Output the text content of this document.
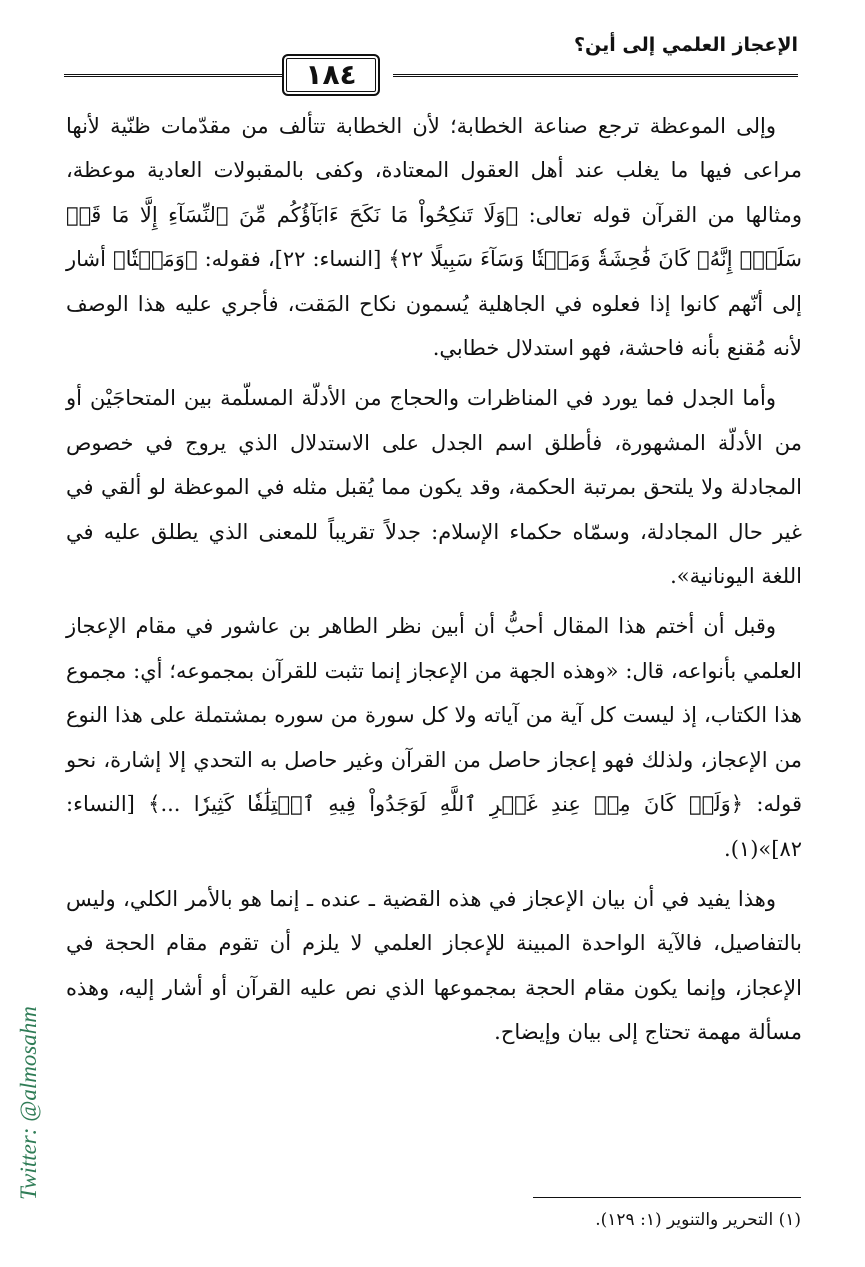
الإعجاز العلمي إلى أين؟
١٨٤

وإلى الموعظة ترجع صناعة الخطابة؛ لأن الخطابة تتألف من مقدّمات ظنّية لأنها مراعى فيها ما يغلب عند أهل العقول المعتادة، وكفى بالمقبولات العادية موعظة، ومثالها من القرآن قوله تعالى: ﴿وَلَا تَنكِحُواْ مَا نَكَحَ ءَابَآؤُكُم مِّنَ ٱلنِّسَآءِ إِلَّا مَا قَدۡ سَلَفَۚ إِنَّهُۥ كَانَ فَٰحِشَةٗ وَمَقۡتٗا وَسَآءَ سَبِيلًا ٢٢﴾ [النساء: ٢٢]، فقوله: ﴿وَمَقۡتٗا﴾ أشار إلى أنّهم كانوا إذا فعلوه في الجاهلية يُسمون نكاح المَقت، فأجري عليه هذا الوصف لأنه مُقنع بأنه فاحشة، فهو استدلال خطابي.

وأما الجدل فما يورد في المناظرات والحجاج من الأدلّة المسلّمة بين المتحاجَيْن أو من الأدلّة المشهورة، فأطلق اسم الجدل على الاستدلال الذي يروج في خصوص المجادلة ولا يلتحق بمرتبة الحكمة، وقد يكون مما يُقبل مثله في الموعظة لو ألقي في غير حال المجادلة، وسمّاه حكماء الإسلام: جدلاً تقريباً للمعنى الذي يطلق عليه في اللغة اليونانية».

وقبل أن أختم هذا المقال أحبُّ أن أبين نظر الطاهر بن عاشور في مقام الإعجاز العلمي بأنواعه، قال: «وهذه الجهة من الإعجاز إنما تثبت للقرآن بمجموعه؛ أي: مجموع هذا الكتاب، إذ ليست كل آية من آياته ولا كل سورة من سوره بمشتملة على هذا النوع من الإعجاز، ولذلك فهو إعجاز حاصل من القرآن وغير حاصل به التحدي إلا إشارة، نحو قوله: ﴿وَلَوۡ كَانَ مِنۡ عِندِ غَيۡرِ ٱللَّهِ لَوَجَدُواْ فِيهِ ٱخۡتِلَٰفٗا كَثِيرٗا ...﴾ [النساء: ٨٢]»(١).

وهذا يفيد في أن بيان الإعجاز في هذه القضية ـ عنده ـ إنما هو بالأمر الكلي، وليس بالتفاصيل، فالآية الواحدة المبينة للإعجاز العلمي لا يلزم أن تقوم مقام الحجة في الإعجاز، وإنما يكون مقام الحجة بمجموعها الذي نص عليه القرآن أو أشار إليه، وهذه مسألة مهمة تحتاج إلى بيان وإيضاح.

(١) التحرير والتنوير (١: ١٢٩).
Twitter: @almosahm
